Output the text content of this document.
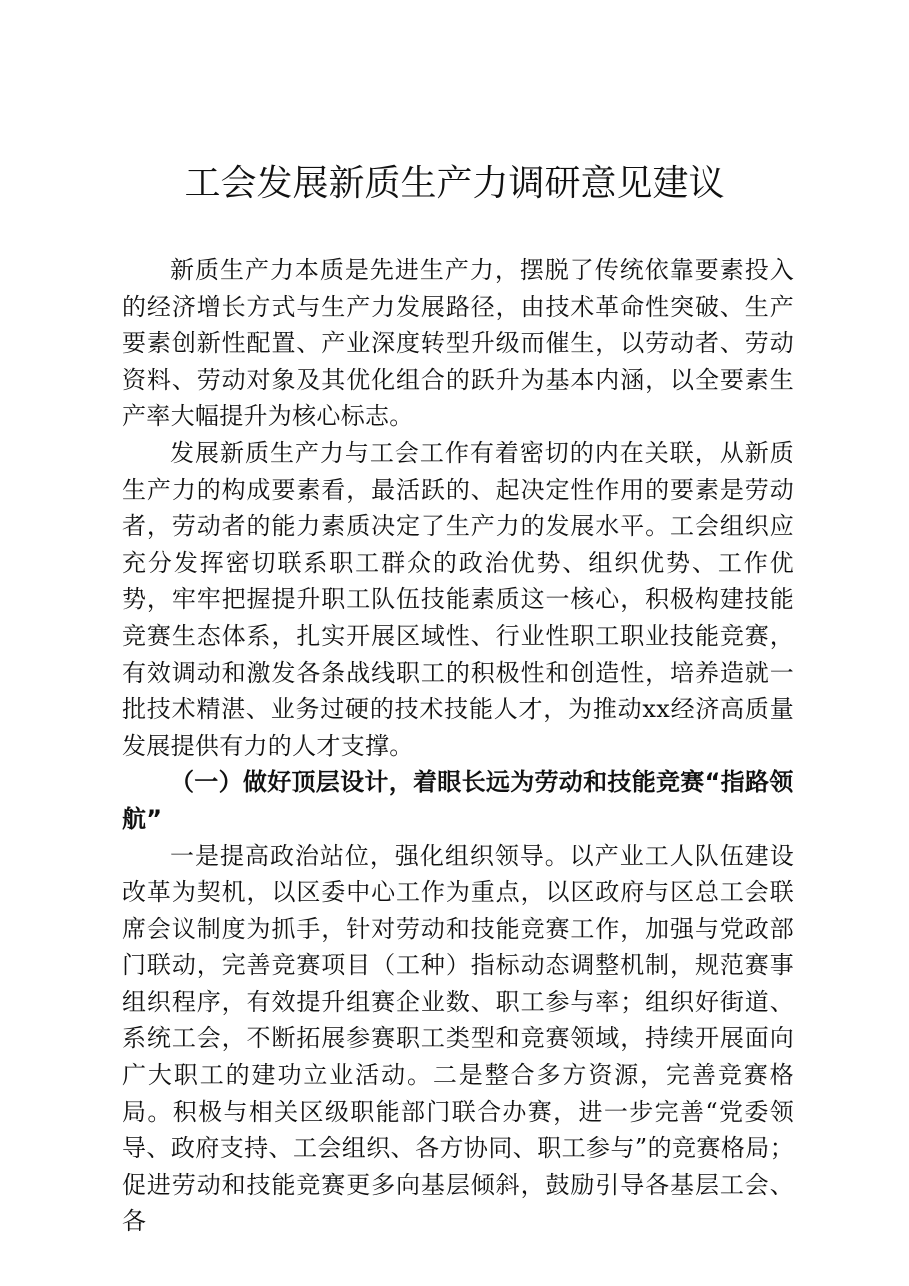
工会发展新质生产力调研意见建议

新质生产力本质是先进生产力，摆脱了传统依靠要素投入的经济增长方式与生产力发展路径，由技术革命性突破、生产要素创新性配置、产业深度转型升级而催生，以劳动者、劳动资料、劳动对象及其优化组合的跃升为基本内涵，以全要素生产率大幅提升为核心标志。

发展新质生产力与工会工作有着密切的内在关联，从新质生产力的构成要素看，最活跃的、起决定性作用的要素是劳动者，劳动者的能力素质决定了生产力的发展水平。工会组织应充分发挥密切联系职工群众的政治优势、组织优势、工作优势，牢牢把握提升职工队伍技能素质这一核心，积极构建技能竞赛生态体系，扎实开展区域性、行业性职工职业技能竞赛，有效调动和激发各条战线职工的积极性和创造性，培养造就一批技术精湛、业务过硬的技术技能人才，为推动xx经济高质量发展提供有力的人才支撑。

（一）做好顶层设计，着眼长远为劳动和技能竞赛“指路领航”

一是提高政治站位，强化组织领导。以产业工人队伍建设改革为契机，以区委中心工作为重点，以区政府与区总工会联席会议制度为抓手，针对劳动和技能竞赛工作，加强与党政部门联动，完善竞赛项目（工种）指标动态调整机制，规范赛事组织程序，有效提升组赛企业数、职工参与率；组织好街道、系统工会，不断拓展参赛职工类型和竞赛领域，持续开展面向广大职工的建功立业活动。二是整合多方资源，完善竞赛格局。积极与相关区级职能部门联合办赛，进一步完善“党委领导、政府支持、工会组织、各方协同、职工参与”的竞赛格局；促进劳动和技能竞赛更多向基层倾斜，鼓励引导各基层工会、各
